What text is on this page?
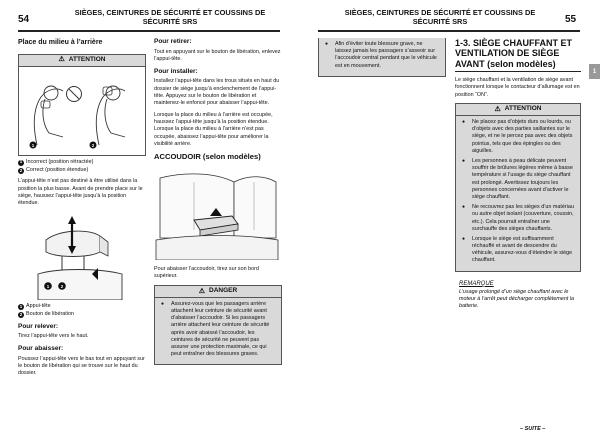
54
SIÈGES, CEINTURES DE SÉCURITÉ ET COUSSINS DE
SÉCURITÉ SRS
SIÈGES, CEINTURES DE SÉCURITÉ ET COUSSINS DE
SÉCURITÉ SRS	55
1
Place du milieu à l’arrière
⚠ ATTENTION
1	2
1 Incorrect (position rétractée)
2 Correct (position étendue)

L’appui-tête n’est pas destiné à être utilisé dans la position la plus basse. Avant de prendre place sur le siège, haussez l’appui-tête jusqu’à la position étendue.

1	2
1 Appui-tête
2 Bouton de libération
Pour relever:

Tirez l’appui-tête vers le haut.

Pour abaisser:

Poussez l’appui-tête vers le bas tout en appuyant sur le bouton de libération qui se trouve sur le haut du dossier.

Pour retirer:

Tout en appuyant sur le bouton de libération, enlevez l’appui-tête.

Pour installer:

Installez l’appui-tête dans les trous situés en haut du dossier de siège jusqu’à enclenchement de l’appui-tête. Appuyez sur le bouton de libération et maintenez-le enfoncé pour abaisser l’appui-tête.

Lorsque la place du milieu à l’arrière est occupée, haussez l’appui-tête jusqu’à la position étendue. Lorsque la place du milieu à l’arrière n’est pas occupée, abaissez l’appui-tête pour améliorer la visibilité arrière.

ACCOUDOIR (selon modèles)

Pour abaisser l’accoudoir, tirez sur son bord supérieur.

⚠ DANGER
● Assurez-vous que les passagers arrière attachent leur ceinture de sécurité avant d’abaisser l’accoudoir. Si les passagers arrière attachent leur ceinture de sécurité après avoir abaissé l’accoudoir, les ceintures de sécurité ne peuvent pas assurer une protection maximale, ce qui peut entraîner des blessures graves.
● Afin d’éviter toute blessure grave, ne laissez jamais les passagers s’asseoir sur l’accoudoir central pendant que le véhicule est en mouvement.
1-3. SIÈGE CHAUFFANT ET
VENTILATION DE SIÈGE
AVANT (selon modèles)

Le siège chauffant et la ventilation de siège avant fonctionnent lorsque le contacteur d’allumage est en position “ON”.

⚠ ATTENTION
● Ne placez pas d’objets durs ou lourds, ou d’objets avec des parties saillantes sur le siège, et ne le percez pas avec des objets pointus, tels que des épingles ou des aiguilles.
● Les personnes à peau délicate peuvent souffrir de brûlures légères même à basse température si l’usage du siège chauffant est prolongé. Avertissez toujours les personnes concernées avant d’activer le siège chauffant.
● Ne recouvrez pas les sièges d’un matériau ou autre objet isolant (couverture, coussin, etc.). Cela pourrait entraîner une surchauffe des sièges chauffants.
● Lorsque le siège est suffisamment réchauffé et avant de descendre du véhicule, assurez-vous d’éteindre le siège chauffant.
REMARQUE
L’usage prolongé d’un siège chauffant avec le moteur à l’arrêt peut décharger complètement la batterie.
– SUITE –
